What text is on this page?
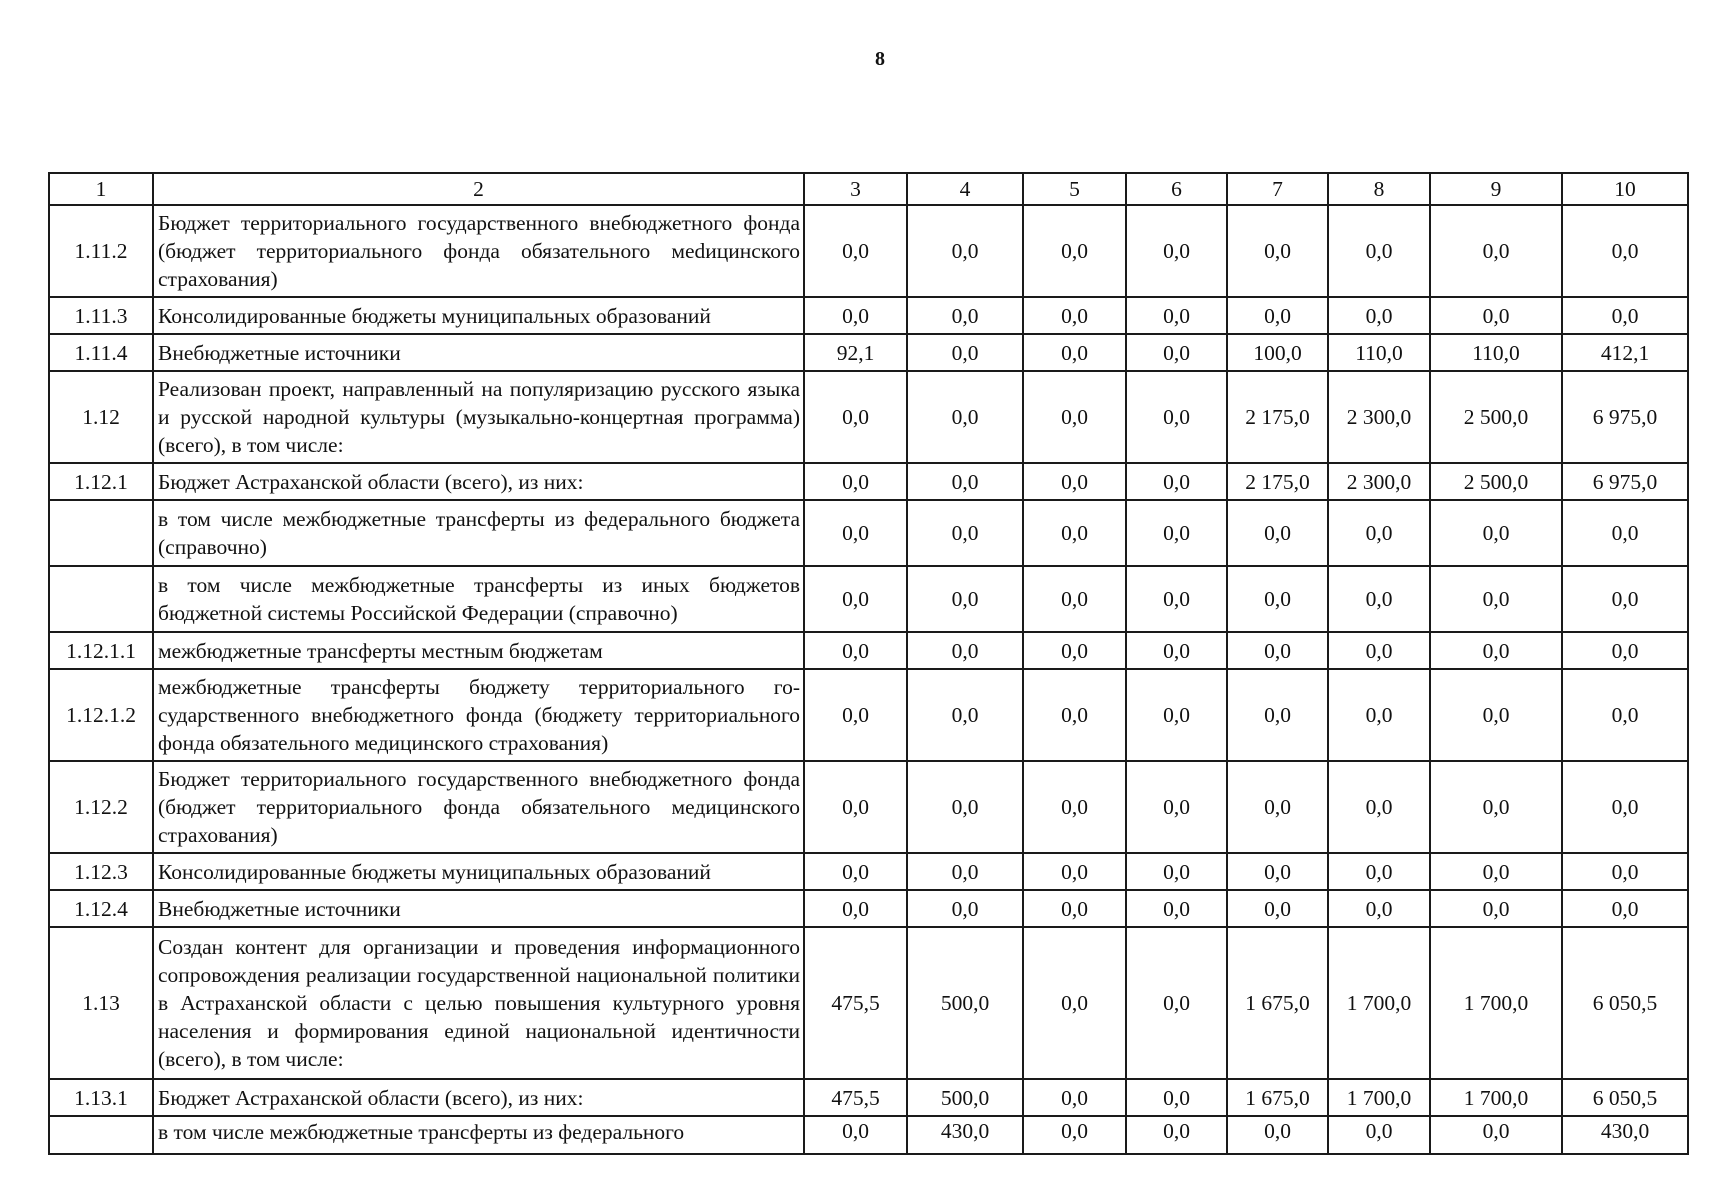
8
1	2	3	4	5	6	7	8	9	10
1.11.2	Бюджет территориального государственного внебюджетного фонда (бюджет территориального фонда обязательного меdицинского страхования)	0,0	0,0	0,0	0,0	0,0	0,0	0,0	0,0
1.11.3	Консолидированные бюджеты муниципальных образований	0,0	0,0	0,0	0,0	0,0	0,0	0,0	0,0
1.11.4	Внебюджетные источники	92,1	0,0	0,0	0,0	100,0	110,0	110,0	412,1
1.12	Реализован проект, направленный на популяризацию русского языка и русской народной культуры (музыкально-концертная программа) (всего), в том числе:	0,0	0,0	0,0	0,0	2 175,0	2 300,0	2 500,0	6 975,0
1.12.1	Бюджет Астраханской области (всего), из них:	0,0	0,0	0,0	0,0	2 175,0	2 300,0	2 500,0	6 975,0
	в том числе межбюджетные трансферты из федерального бюджета (справочно)	0,0	0,0	0,0	0,0	0,0	0,0	0,0	0,0
	в том числе межбюджетные трансферты из иных бюджетов бюджетной системы Российской Федерации (справочно)	0,0	0,0	0,0	0,0	0,0	0,0	0,0	0,0
1.12.1.1	межбюджетные трансферты местным бюджетам	0,0	0,0	0,0	0,0	0,0	0,0	0,0	0,0
1.12.1.2	межбюджетные трансферты бюджету территориального государственного внебюджетного фонда (бюджету территориального фонда обязательного медицинского страхования)	0,0	0,0	0,0	0,0	0,0	0,0	0,0	0,0
1.12.2	Бюджет территориального государственного внебюджетного фонда (бюджет территориального фонда обязательного медицинского страхования)	0,0	0,0	0,0	0,0	0,0	0,0	0,0	0,0
1.12.3	Консолидированные бюджеты муниципальных образований	0,0	0,0	0,0	0,0	0,0	0,0	0,0	0,0
1.12.4	Внебюджетные источники	0,0	0,0	0,0	0,0	0,0	0,0	0,0	0,0
1.13	Создан контент для организации и проведения информационного сопровождения реализации государственной национальной политики в Астраханской области с целью повышения культурного уровня населения и формирования единой национальной идентичности (всего), в том числе:	475,5	500,0	0,0	0,0	1 675,0	1 700,0	1 700,0	6 050,5
1.13.1	Бюджет Астраханской области (всего), из них:	475,5	500,0	0,0	0,0	1 675,0	1 700,0	1 700,0	6 050,5
	в том числе межбюджетные трансферты из федерального	0,0	430,0	0,0	0,0	0,0	0,0	0,0	430,0
